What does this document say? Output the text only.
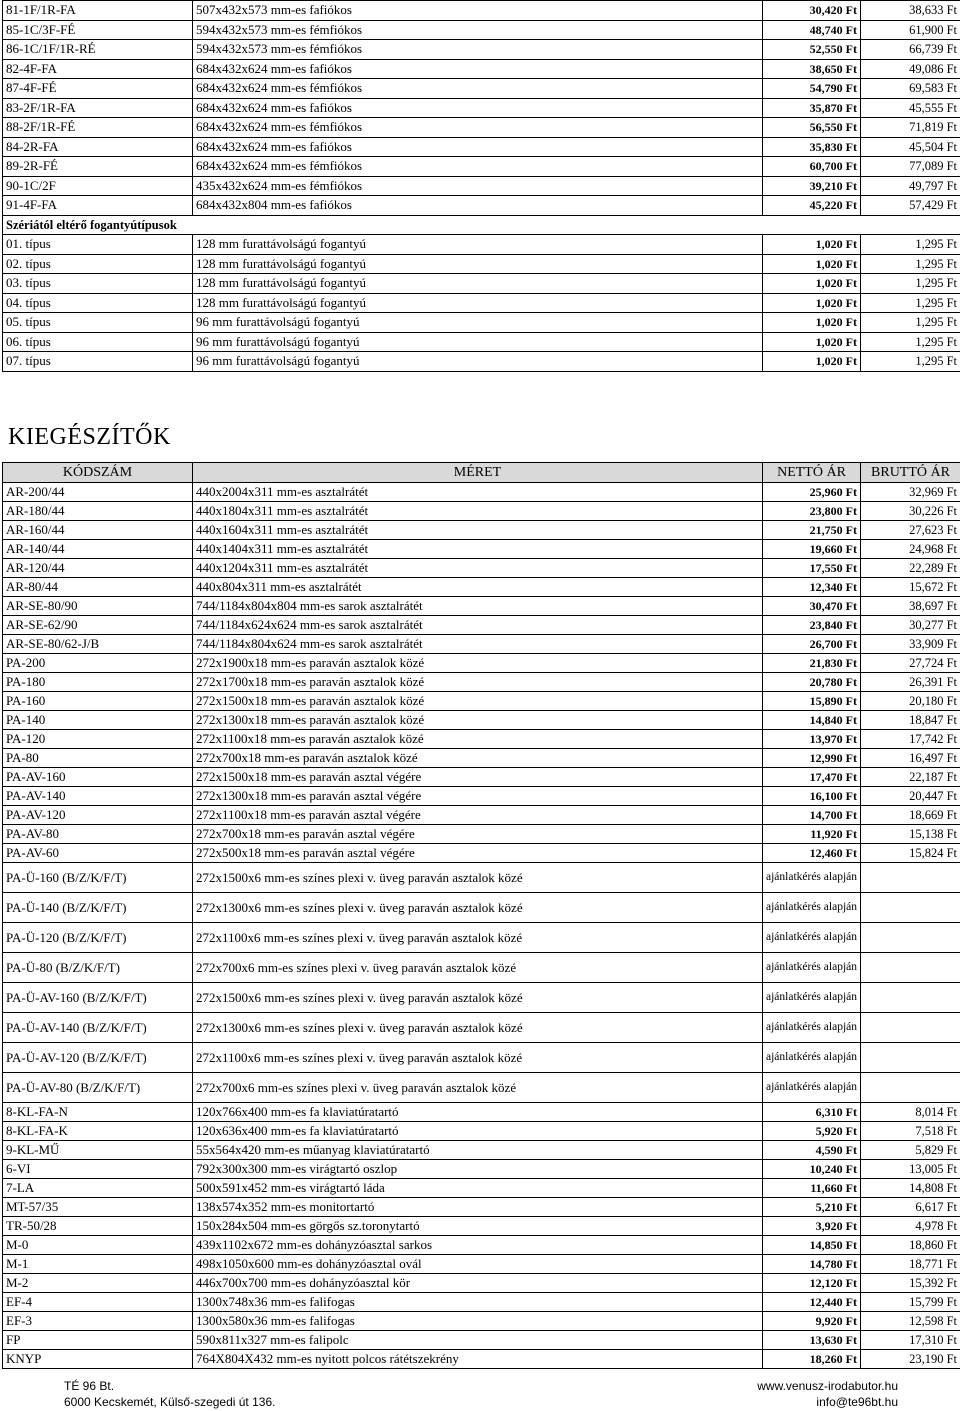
81-1F/1R-FA	507x432x573 mm-es fafiókos	30,420 Ft	38,633 Ft
85-1C/3F-FÉ	594x432x573 mm-es fémfiókos	48,740 Ft	61,900 Ft
86-1C/1F/1R-RÉ	594x432x573 mm-es fémfiókos	52,550 Ft	66,739 Ft
82-4F-FA	684x432x624 mm-es fafiókos	38,650 Ft	49,086 Ft
87-4F-FÉ	684x432x624 mm-es fémfiókos	54,790 Ft	69,583 Ft
83-2F/1R-FA	684x432x624 mm-es fafiókos	35,870 Ft	45,555 Ft
88-2F/1R-FÉ	684x432x624 mm-es fémfiókos	56,550 Ft	71,819 Ft
84-2R-FA	684x432x624 mm-es fafiókos	35,830 Ft	45,504 Ft
89-2R-FÉ	684x432x624 mm-es fémfiókos	60,700 Ft	77,089 Ft
90-1C/2F	435x432x624 mm-es fémfiókos	39,210 Ft	49,797 Ft
91-4F-FA	684x432x804 mm-es fafiókos	45,220 Ft	57,429 Ft
Szériától eltérő fogantyútípusok			
01. típus	128 mm furattávolságú fogantyú	1,020 Ft	1,295 Ft
02. típus	128 mm furattávolságú fogantyú	1,020 Ft	1,295 Ft
03. típus	128 mm furattávolságú fogantyú	1,020 Ft	1,295 Ft
04. típus	128 mm furattávolságú fogantyú	1,020 Ft	1,295 Ft
05. típus	96 mm furattávolságú fogantyú	1,020 Ft	1,295 Ft
06. típus	96 mm furattávolságú fogantyú	1,020 Ft	1,295 Ft
07. típus	96 mm furattávolságú fogantyú	1,020 Ft	1,295 Ft
KIEGÉSZÍTŐK
KÓDSZÁM	MÉRET	NETTÓ ÁR	BRUTTÓ ÁR
AR-200/44	440x2004x311 mm-es asztalrátét	25,960 Ft	32,969 Ft
AR-180/44	440x1804x311 mm-es asztalrátét	23,800 Ft	30,226 Ft
AR-160/44	440x1604x311 mm-es asztalrátét	21,750 Ft	27,623 Ft
AR-140/44	440x1404x311 mm-es asztalrátét	19,660 Ft	24,968 Ft
AR-120/44	440x1204x311 mm-es asztalrátét	17,550 Ft	22,289 Ft
AR-80/44	440x804x311 mm-es asztalrátét	12,340 Ft	15,672 Ft
AR-SE-80/90	744/1184x804x804 mm-es sarok asztalrátét	30,470 Ft	38,697 Ft
AR-SE-62/90	744/1184x624x624 mm-es sarok asztalrátét	23,840 Ft	30,277 Ft
AR-SE-80/62-J/B	744/1184x804x624 mm-es sarok asztalrátét	26,700 Ft	33,909 Ft
PA-200	272x1900x18 mm-es paraván asztalok közé	21,830 Ft	27,724 Ft
PA-180	272x1700x18 mm-es paraván asztalok közé	20,780 Ft	26,391 Ft
PA-160	272x1500x18 mm-es paraván asztalok közé	15,890 Ft	20,180 Ft
PA-140	272x1300x18 mm-es paraván asztalok közé	14,840 Ft	18,847 Ft
PA-120	272x1100x18 mm-es paraván asztalok közé	13,970 Ft	17,742 Ft
PA-80	272x700x18 mm-es paraván asztalok közé	12,990 Ft	16,497 Ft
PA-AV-160	272x1500x18 mm-es paraván asztal végére	17,470 Ft	22,187 Ft
PA-AV-140	272x1300x18 mm-es paraván asztal végére	16,100 Ft	20,447 Ft
PA-AV-120	272x1100x18 mm-es paraván asztal végére	14,700 Ft	18,669 Ft
PA-AV-80	272x700x18 mm-es paraván asztal végére	11,920 Ft	15,138 Ft
PA-AV-60	272x500x18 mm-es paraván asztal végére	12,460 Ft	15,824 Ft
PA-Ü-160 (B/Z/K/F/T)	272x1500x6 mm-es színes plexi v. üveg paraván asztalok közé	ajánlatkérés alapján	
PA-Ü-140 (B/Z/K/F/T)	272x1300x6 mm-es színes plexi v. üveg paraván asztalok közé	ajánlatkérés alapján	
PA-Ü-120 (B/Z/K/F/T)	272x1100x6 mm-es színes plexi v. üveg paraván asztalok közé	ajánlatkérés alapján	
PA-Ü-80 (B/Z/K/F/T)	272x700x6 mm-es színes plexi v. üveg paraván asztalok közé	ajánlatkérés alapján	
PA-Ü-AV-160 (B/Z/K/F/T)	272x1500x6 mm-es színes plexi v. üveg paraván asztalok közé	ajánlatkérés alapján	
PA-Ü-AV-140 (B/Z/K/F/T)	272x1300x6 mm-es színes plexi v. üveg paraván asztalok közé	ajánlatkérés alapján	
PA-Ü-AV-120 (B/Z/K/F/T)	272x1100x6 mm-es színes plexi v. üveg paraván asztalok közé	ajánlatkérés alapján	
PA-Ü-AV-80 (B/Z/K/F/T)	272x700x6 mm-es színes plexi v. üveg paraván asztalok közé	ajánlatkérés alapján	
8-KL-FA-N	120x766x400 mm-es fa klaviatúratartó	6,310 Ft	8,014 Ft
8-KL-FA-K	120x636x400 mm-es fa klaviatúratartó	5,920 Ft	7,518 Ft
9-KL-MŰ	55x564x420 mm-es műanyag klaviatúratartó	4,590 Ft	5,829 Ft
6-VI	792x300x300 mm-es virágtartó oszlop	10,240 Ft	13,005 Ft
7-LA	500x591x452 mm-es virágtartó láda	11,660 Ft	14,808 Ft
MT-57/35	138x574x352 mm-es monitortartó	5,210 Ft	6,617 Ft
TR-50/28	150x284x504 mm-es görgős sz.toronytartó	3,920 Ft	4,978 Ft
M-0	439x1102x672 mm-es dohányzóasztal sarkos	14,850 Ft	18,860 Ft
M-1	498x1050x600 mm-es dohányzóasztal ovál	14,780 Ft	18,771 Ft
M-2	446x700x700 mm-es dohányzóasztal kör	12,120 Ft	15,392 Ft
EF-4	1300x748x36 mm-es falifogas	12,440 Ft	15,799 Ft
EF-3	1300x580x36 mm-es falifogas	9,920 Ft	12,598 Ft
FP	590x811x327 mm-es falipolc	13,630 Ft	17,310 Ft
KNYP	764X804X432 mm-es nyitott polcos rátétszekrény	18,260 Ft	23,190 Ft
TÉ 96 Bt.
6000 Kecskemét, Külső-szegedi út 136.
www.venusz-irodabutor.hu
info@te96bt.hu
